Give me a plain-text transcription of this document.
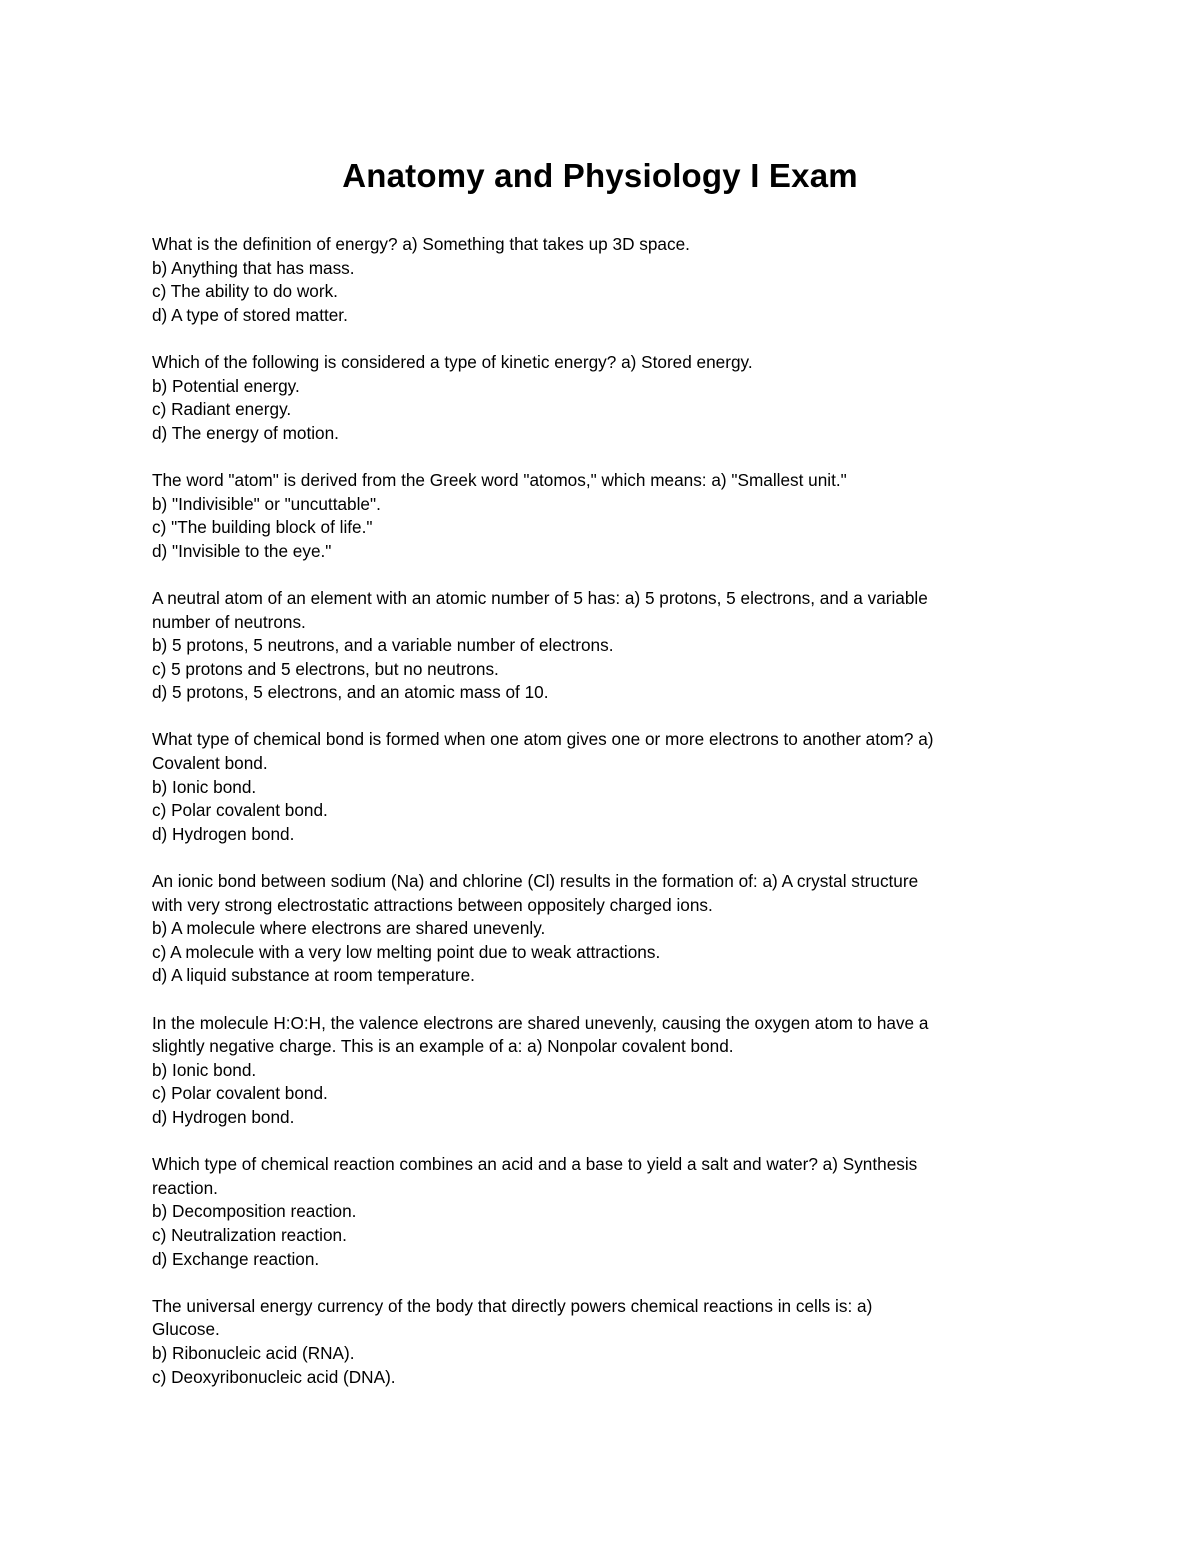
Anatomy and Physiology I Exam
What is the definition of energy? a) Something that takes up 3D space.
b) Anything that has mass.
c) The ability to do work.
d) A type of stored matter.
Which of the following is considered a type of kinetic energy? a) Stored energy.
b) Potential energy.
c) Radiant energy.
d) The energy of motion.
The word "atom" is derived from the Greek word "atomos," which means: a) "Smallest unit."
b) "Indivisible" or "uncuttable".
c) "The building block of life."
d) "Invisible to the eye."
A neutral atom of an element with an atomic number of 5 has: a) 5 protons, 5 electrons, and a variable
number of neutrons.
b) 5 protons, 5 neutrons, and a variable number of electrons.
c) 5 protons and 5 electrons, but no neutrons.
d) 5 protons, 5 electrons, and an atomic mass of 10.
What type of chemical bond is formed when one atom gives one or more electrons to another atom? a)
Covalent bond.
b) Ionic bond.
c) Polar covalent bond.
d) Hydrogen bond.
An ionic bond between sodium (Na) and chlorine (Cl) results in the formation of: a) A crystal structure
with very strong electrostatic attractions between oppositely charged ions.
b) A molecule where electrons are shared unevenly.
c) A molecule with a very low melting point due to weak attractions.
d) A liquid substance at room temperature.
In the molecule H:O:H, the valence electrons are shared unevenly, causing the oxygen atom to have a
slightly negative charge. This is an example of a: a) Nonpolar covalent bond.
b) Ionic bond.
c) Polar covalent bond.
d) Hydrogen bond.
Which type of chemical reaction combines an acid and a base to yield a salt and water? a) Synthesis
reaction.
b) Decomposition reaction.
c) Neutralization reaction.
d) Exchange reaction.
The universal energy currency of the body that directly powers chemical reactions in cells is: a)
Glucose.
b) Ribonucleic acid (RNA).
c) Deoxyribonucleic acid (DNA).
